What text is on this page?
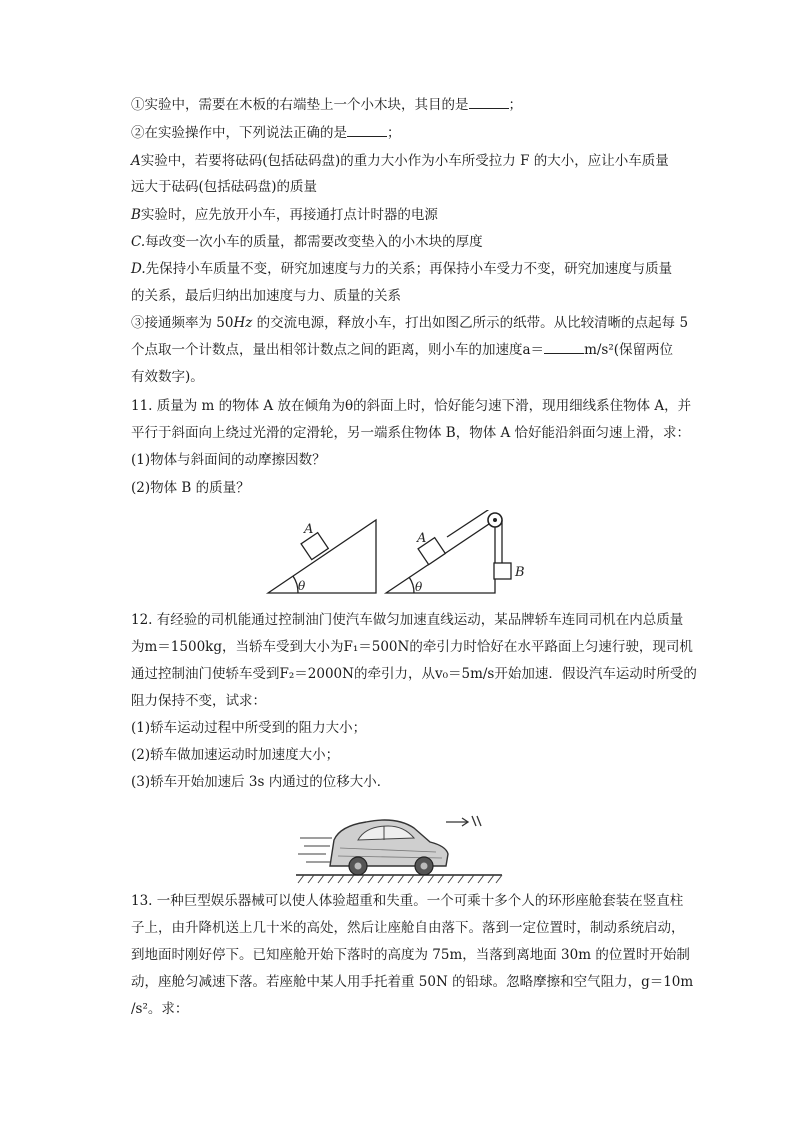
①实验中，需要在木板的右端垫上一个小木块，其目的是	；
②在实验操作中，下列说法正确的是	；
A实验中，若要将砝码(包括砝码盘)的重力大小作为小车所受拉力 F 的大小，应让小车质量
远大于砝码(包括砝码盘)的质量
B实验时，应先放开小车，再接通打点计时器的电源
C.每改变一次小车的质量，都需要改变垫入的小木块的厚度
D.先保持小车质量不变，研究加速度与力的关系；再保持小车受力不变，研究加速度与质量
的关系，最后归纳出加速度与力、质量的关系
③接通频率为 50Hz 的交流电源，释放小车，打出如图乙所示的纸带。从比较清晰的点起每 5
个点取一个计数点，量出相邻计数点之间的距离，则小车的加速度a＝	m/s²(保留两位
有效数字)。
11. 质量为 m 的物体 A 放在倾角为θ的斜面上时，恰好能匀速下滑，现用细线系住物体 A，并
平行于斜面向上绕过光滑的定滑轮，另一端系住物体 B，物体 A 恰好能沿斜面匀速上滑，求：
(1)物体与斜面间的动摩擦因数？
(2)物体 B 的质量？
A
θ
A
B
θ
12. 有经验的司机能通过控制油门使汽车做匀加速直线运动，某品牌轿车连同司机在内总质量
为m＝1500kg，当轿车受到大小为F₁＝500N的牵引力时恰好在水平路面上匀速行驶，现司机
通过控制油门使轿车受到F₂＝2000N的牵引力，从v₀＝5m/s开始加速．假设汽车运动时所受的
阻力保持不变，试求：
(1)轿车运动过程中所受到的阻力大小；
(2)轿车做加速运动时加速度大小；
(3)轿车开始加速后 3s 内通过的位移大小．
13. 一种巨型娱乐器械可以使人体验超重和失重。一个可乘十多个人的环形座舱套装在竖直柱
子上，由升降机送上几十米的高处，然后让座舱自由落下。落到一定位置时，制动系统启动，
到地面时刚好停下。已知座舱开始下落时的高度为 75m，当落到离地面 30m 的位置时开始制
动，座舱匀减速下落。若座舱中某人用手托着重 50N 的铅球。忽略摩擦和空气阻力，g＝10m
/s²。求：
